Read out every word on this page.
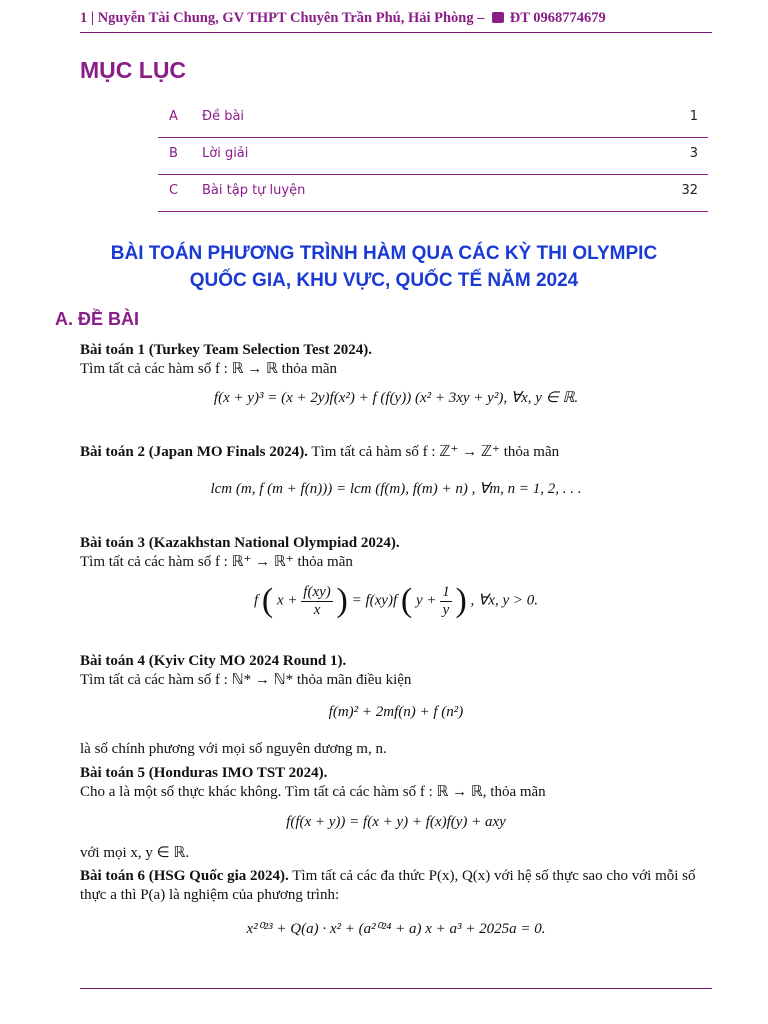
1 | Nguyễn Tài Chung, GV THPT Chuyên Trần Phú, Hải Phòng – ĐT 0968774679
MỤC LỤC
A Đề bài	1
B Lời giải	3
C Bài tập tự luyện	32
BÀI TOÁN PHƯƠNG TRÌNH HÀM QUA CÁC KỲ THI OLYMPIC
QUỐC GIA, KHU VỰC, QUỐC TẾ NĂM 2024
A. ĐỀ BÀI
Bài toán 1 (Turkey Team Selection Test 2024).
Tìm tất cả các hàm số f : ℝ → ℝ thỏa mãn
f(x + y)³ = (x + 2y)f(x²) + f (f(y)) (x² + 3xy + y²), ∀x, y ∈ ℝ.
Bài toán 2 (Japan MO Finals 2024). Tìm tất cả hàm số f : ℤ⁺ → ℤ⁺ thỏa mãn
lcm (m, f (m + f(n))) = lcm (f(m), f(m) + n) , ∀m, n = 1, 2, . . .
Bài toán 3 (Kazakhstan National Olympiad 2024).
Tìm tất cả các hàm số f : ℝ⁺ → ℝ⁺ thỏa mãn
f ( $x + \frac{f(xy)}{x}$ ) = f(xy)f ( $y + \frac{1}{y}$ ) , ∀x, y > 0.
Bài toán 4 (Kyiv City MO 2024 Round 1).
Tìm tất cả các hàm số f : ℕ* → ℕ* thỏa mãn điều kiện
f(m)² + 2mf(n) + f (n²)
là số chính phương với mọi số nguyên dương m, n.
Bài toán 5 (Honduras IMO TST 2024).
Cho a là một số thực khác không. Tìm tất cả các hàm số f : ℝ → ℝ, thỏa mãn
f(f(x + y)) = f(x + y) + f(x)f(y) + axy
với mọi x, y ∈ ℝ.
Bài toán 6 (HSG Quốc gia 2024). Tìm tất cả các đa thức P(x), Q(x) với hệ số thực sao cho với mỗi số thực a thì P(a) là nghiệm của phương trình:
x²⁰²³ + Q(a) · x² + (a²⁰²⁴ + a) x + a³ + 2025a = 0.
